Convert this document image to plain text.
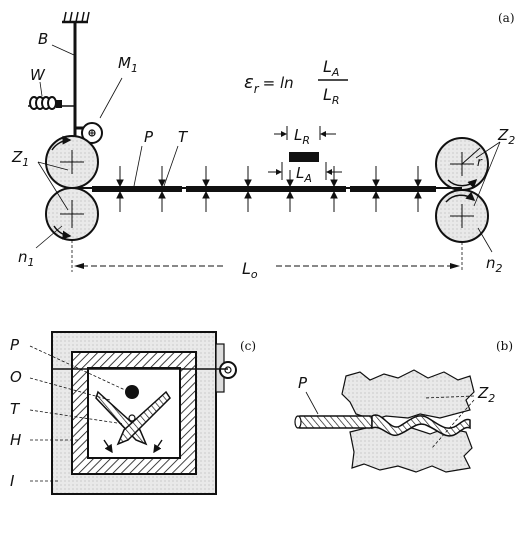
(a)
B
W
$M_1$
$\varepsilon_r$ $^{= ln}$
$L_A$
$L_R$
$Z_1$
$n_1$
r
$Z_2$
$n_2$
P T	$L_R$
$L_A$
$L_o$
(c)
P
O
T
H
I
(b)
P
$Z_2$
